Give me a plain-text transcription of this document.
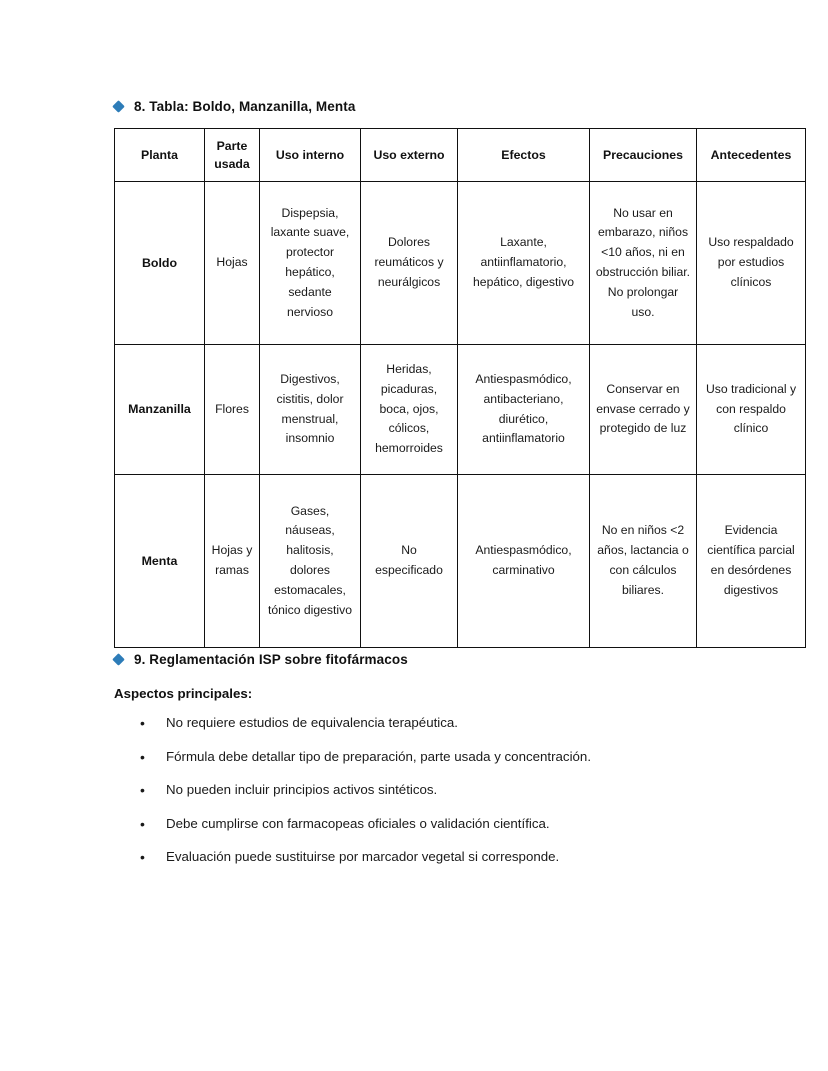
8. Tabla: Boldo, Manzanilla, Menta
Planta	Parte usada	Uso interno	Uso externo	Efectos	Precauciones	Antecedentes
Boldo	Hojas	Dispepsia, laxante suave, protector hepático, sedante nervioso	Dolores reumáticos y neurálgicos	Laxante, antiinflamatorio, hepático, digestivo	No usar en embarazo, niños <10 años, ni en obstrucción biliar. No prolongar uso.	Uso respaldado por estudios clínicos
Manzanilla	Flores	Digestivos, cistitis, dolor menstrual, insomnio	Heridas, picaduras, boca, ojos, cólicos, hemorroides	Antiespasmódico, antibacteriano, diurético, antiinflamatorio	Conservar en envase cerrado y protegido de luz	Uso tradicional y con respaldo clínico
Menta	Hojas y ramas	Gases, náuseas, halitosis, dolores estomacales, tónico digestivo	No especificado	Antiespasmódico, carminativo	No en niños <2 años, lactancia o con cálculos biliares.	Evidencia científica parcial en desórdenes digestivos
9. Reglamentación ISP sobre fitofármacos
Aspectos principales:
•	No requiere estudios de equivalencia terapéutica.
•	Fórmula debe detallar tipo de preparación, parte usada y concentración.
•	No pueden incluir principios activos sintéticos.
•	Debe cumplirse con farmacopeas oficiales o validación científica.
•	Evaluación puede sustituirse por marcador vegetal si corresponde.
